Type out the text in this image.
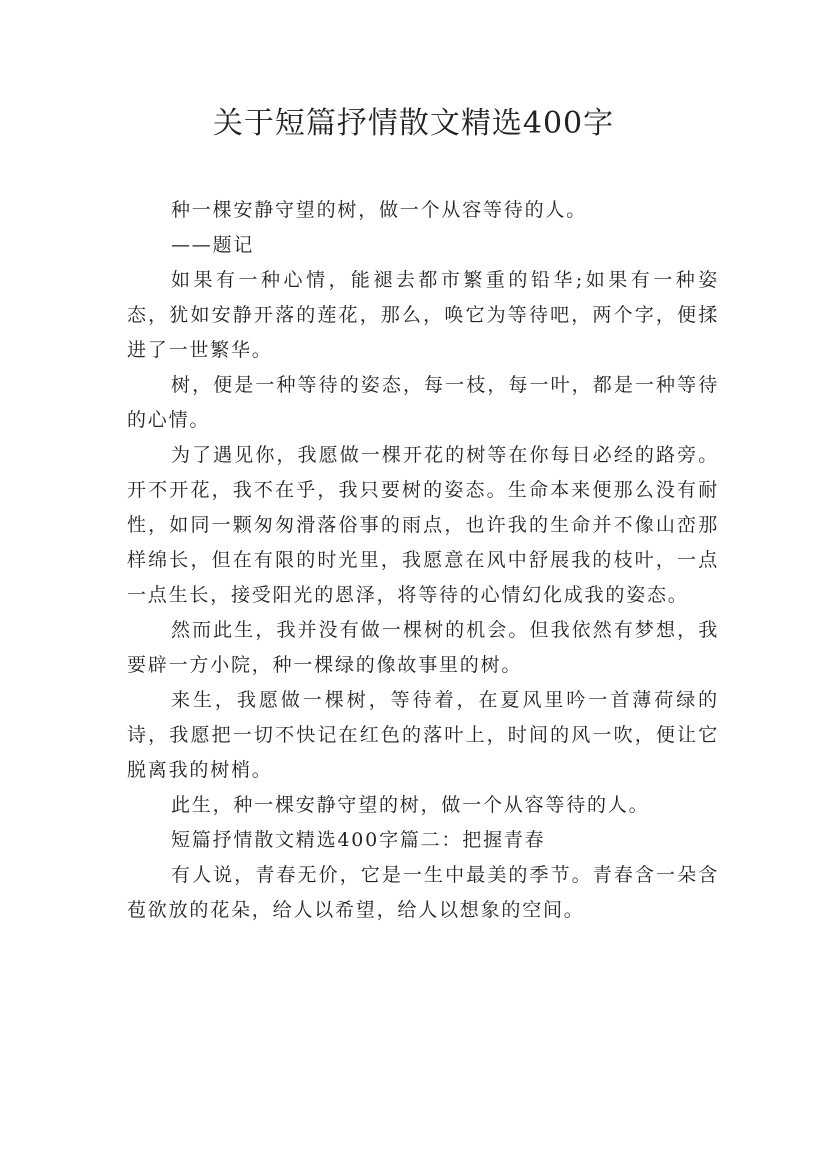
关于短篇抒情散文精选400字

种一棵安静守望的树，做一个从容等待的人。

——题记

如果有一种心情，能褪去都市繁重的铅华;如果有一种姿态，犹如安静开落的莲花，那么，唤它为等待吧，两个字，便揉进了一世繁华。

树，便是一种等待的姿态，每一枝，每一叶，都是一种等待的心情。

为了遇见你，我愿做一棵开花的树等在你每日必经的路旁。开不开花，我不在乎，我只要树的姿态。生命本来便那么没有耐性，如同一颗匆匆滑落俗事的雨点，也许我的生命并不像山峦那样绵长，但在有限的时光里，我愿意在风中舒展我的枝叶，一点一点生长，接受阳光的恩泽，将等待的心情幻化成我的姿态。

然而此生，我并没有做一棵树的机会。但我依然有梦想，我要辟一方小院，种一棵绿的像故事里的树。

来生，我愿做一棵树，等待着，在夏风里吟一首薄荷绿的诗，我愿把一切不快记在红色的落叶上，时间的风一吹，便让它脱离我的树梢。

此生，种一棵安静守望的树，做一个从容等待的人。

短篇抒情散文精选400字篇二：把握青春

有人说，青春无价，它是一生中最美的季节。青春含一朵含苞欲放的花朵，给人以希望，给人以想象的空间。
